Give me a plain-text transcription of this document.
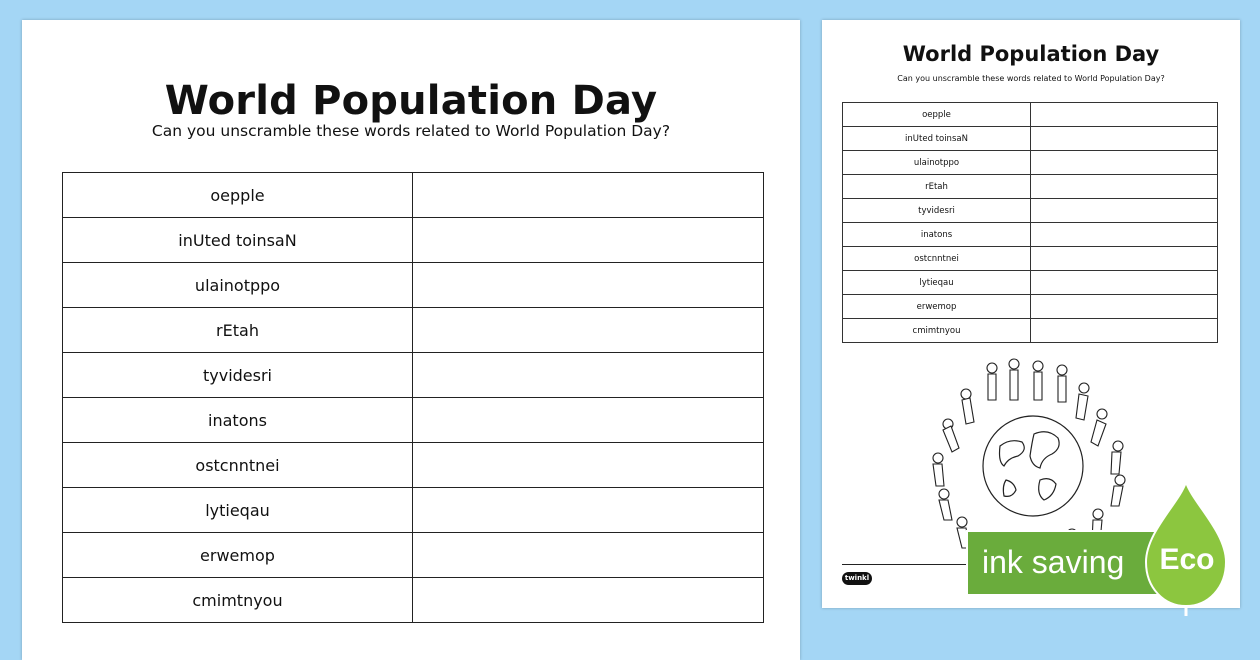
World Population Day
Can you unscramble these words related to World Population Day?
oepple	
inUted toinsaN	
ulainotppo	
rEtah	
tyvidesri	
inatons	
ostcnntnei	
lytieqau	
erwemop	
cmimtnyou	
World Population Day
Can you unscramble these words related to World Population Day?
oepple	
inUted toinsaN	
ulainotppo	
rEtah	
tyvidesri	
inatons	
ostcnntnei	
lytieqau	
erwemop	
cmimtnyou	
twinkl	ink saving Eco
